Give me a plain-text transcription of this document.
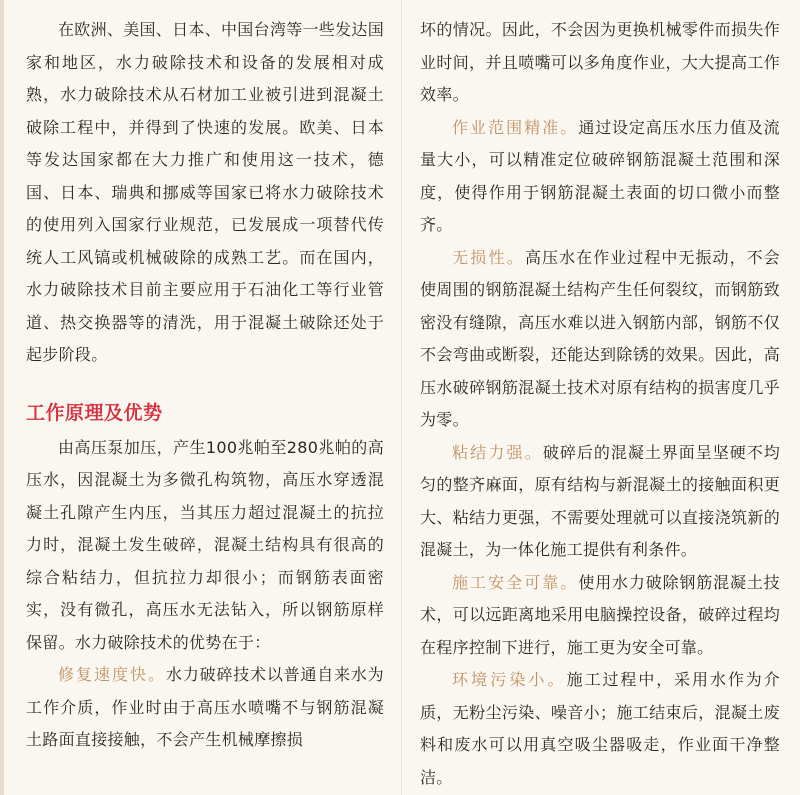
在欧洲、美国、日本、中国台湾等一些发达国家和地区，水力破除技术和设备的发展相对成熟，水力破除技术从石材加工业被引进到混凝土破除工程中，并得到了快速的发展。欧美、日本等发达国家都在大力推广和使用这一技术，德国、日本、瑞典和挪威等国家已将水力破除技术的使用列入国家行业规范，已发展成一项替代传统人工风镐或机械破除的成熟工艺。而在国内，水力破除技术目前主要应用于石油化工等行业管道、热交换器等的清洗，用于混凝土破除还处于起步阶段。

工作原理及优势

由高压泵加压，产生100兆帕至280兆帕的高压水，因混凝土为多微孔构筑物，高压水穿透混凝土孔隙产生内压，当其压力超过混凝土的抗拉力时，混凝土发生破碎，混凝土结构具有很高的综合粘结力，但抗拉力却很小；而钢筋表面密实，没有微孔，高压水无法钻入，所以钢筋原样保留。水力破除技术的优势在于：

修复速度快。水力破碎技术以普通自来水为工作介质，作业时由于高压水喷嘴不与钢筋混凝土路面直接接触，不会产生机械摩擦损

坏的情况。因此，不会因为更换机械零件而损失作业时间，并且喷嘴可以多角度作业，大大提高工作效率。

作业范围精准。通过设定高压水压力值及流量大小，可以精准定位破碎钢筋混凝土范围和深度，使得作用于钢筋混凝土表面的切口微小而整齐。

无损性。高压水在作业过程中无振动，不会使周围的钢筋混凝土结构产生任何裂纹，而钢筋致密没有缝隙，高压水难以进入钢筋内部，钢筋不仅不会弯曲或断裂，还能达到除锈的效果。因此，高压水破碎钢筋混凝土技术对原有结构的损害度几乎为零。

粘结力强。破碎后的混凝土界面呈坚硬不均匀的整齐麻面，原有结构与新混凝土的接触面积更大、粘结力更强，不需要处理就可以直接浇筑新的混凝土，为一体化施工提供有利条件。

施工安全可靠。使用水力破除钢筋混凝土技术，可以远距离地采用电脑操控设备，破碎过程均在程序控制下进行，施工更为安全可靠。

环境污染小。施工过程中，采用水作为介质，无粉尘污染、噪音小；施工结束后，混凝土废料和废水可以用真空吸尘器吸走，作业面干净整洁。
